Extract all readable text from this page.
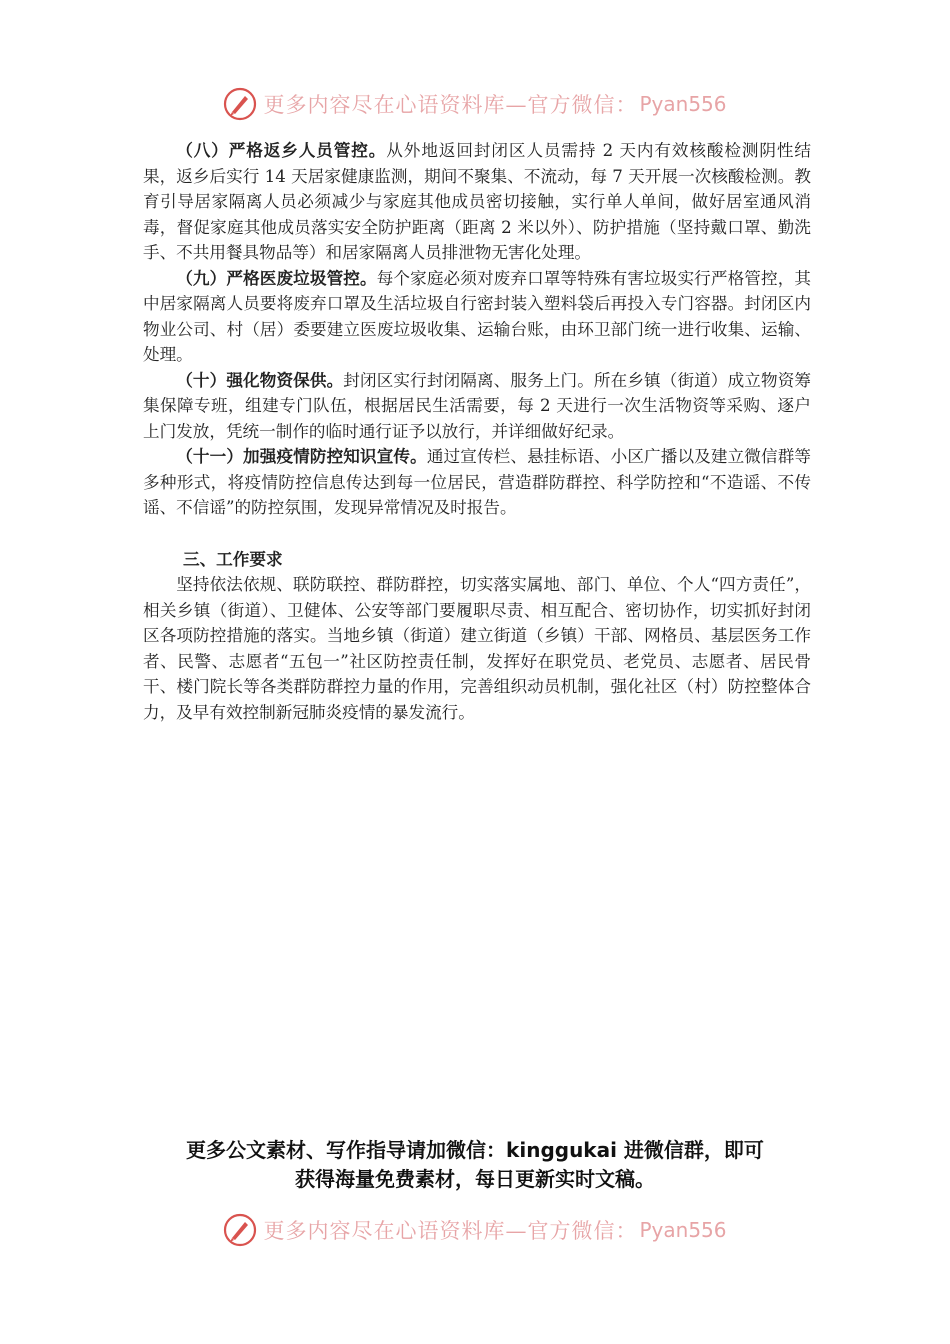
更多内容尽在心语资料库—官方微信： Pyan556

（八）严格返乡人员管控。从外地返回封闭区人员需持 2 天内有效核酸检测阴性结果，返乡后实行 14 天居家健康监测，期间不聚集、不流动，每 7 天开展一次核酸检测。教育引导居家隔离人员必须减少与家庭其他成员密切接触，实行单人单间，做好居室通风消毒，督促家庭其他成员落实安全防护距离（距离 2 米以外）、防护措施（坚持戴口罩、勤洗手、不共用餐具物品等）和居家隔离人员排泄物无害化处理。

（九）严格医废垃圾管控。每个家庭必须对废弃口罩等特殊有害垃圾实行严格管控，其中居家隔离人员要将废弃口罩及生活垃圾自行密封装入塑料袋后再投入专门容器。封闭区内物业公司、村（居）委要建立医废垃圾收集、运输台账，由环卫部门统一进行收集、运输、处理。

（十）强化物资保供。封闭区实行封闭隔离、服务上门。所在乡镇（街道）成立物资筹集保障专班，组建专门队伍，根据居民生活需要，每 2 天进行一次生活物资等采购、逐户上门发放，凭统一制作的临时通行证予以放行，并详细做好纪录。

（十一）加强疫情防控知识宣传。通过宣传栏、悬挂标语、小区广播以及建立微信群等多种形式，将疫情防控信息传达到每一位居民，营造群防群控、科学防控和“不造谣、不传谣、不信谣”的防控氛围，发现异常情况及时报告。

三、工作要求

坚持依法依规、联防联控、群防群控，切实落实属地、部门、单位、个人“四方责任”，相关乡镇（街道）、卫健体、公安等部门要履职尽责、相互配合、密切协作，切实抓好封闭区各项防控措施的落实。当地乡镇（街道）建立街道（乡镇）干部、网格员、基层医务工作者、民警、志愿者“五包一”社区防控责任制，发挥好在职党员、老党员、志愿者、居民骨干、楼门院长等各类群防群控力量的作用，完善组织动员机制，强化社区（村）防控整体合力，及早有效控制新冠肺炎疫情的暴发流行。

更多公文素材、写作指导请加微信：kinggukai 进微信群，即可
获得海量免费素材，每日更新实时文稿。
更多内容尽在心语资料库—官方微信： Pyan556
